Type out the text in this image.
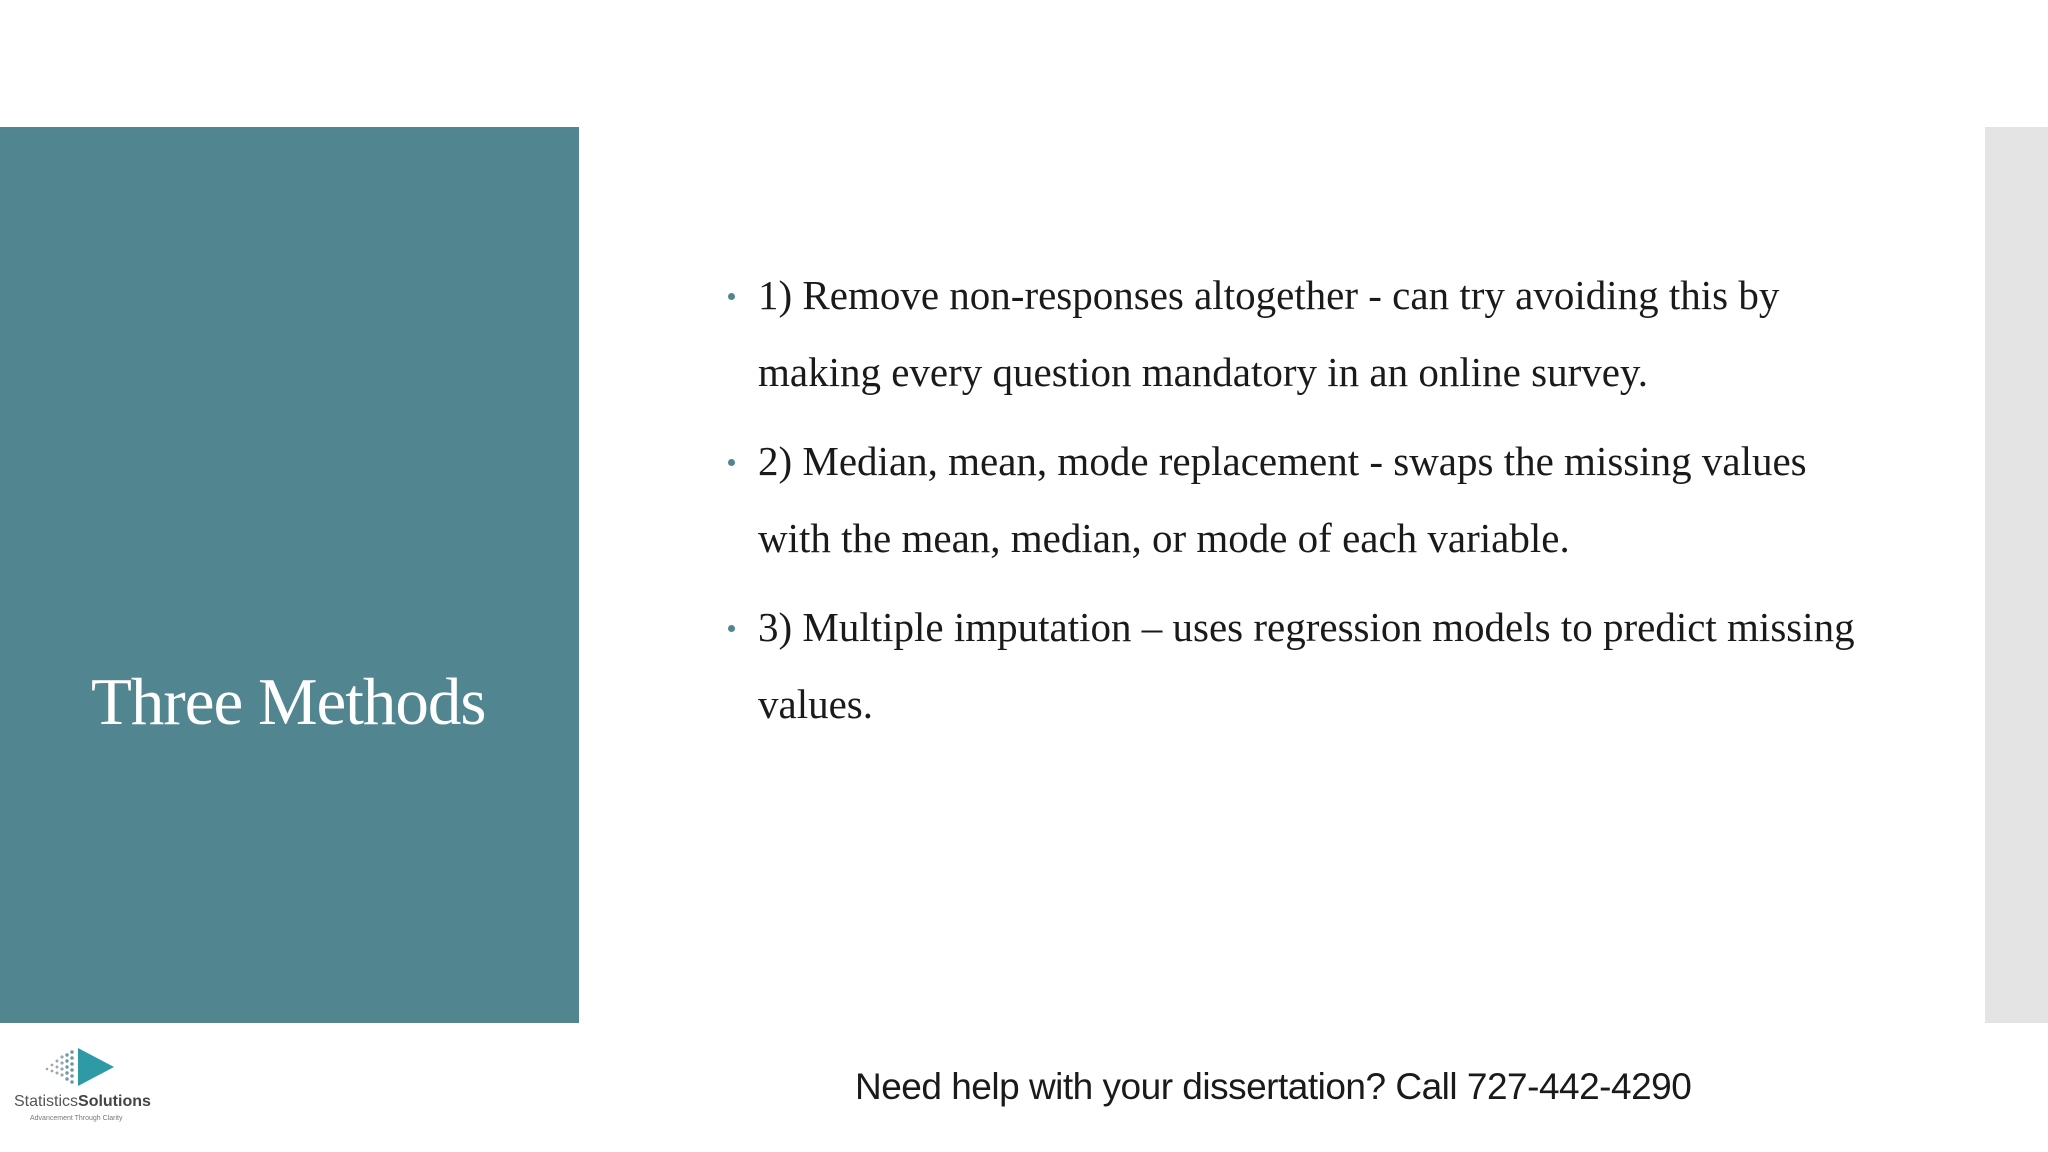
Three Methods
1) Remove non-responses altogether - can try avoiding this by making every question mandatory in an online survey.
2) Median, mean, mode replacement - swaps the missing values with the mean, median, or mode of each variable.
3) Multiple imputation – uses regression models to predict missing values.
Need help with your dissertation? Call 727-442-4290
StatisticsSolutions
Advancement Through Clarity
